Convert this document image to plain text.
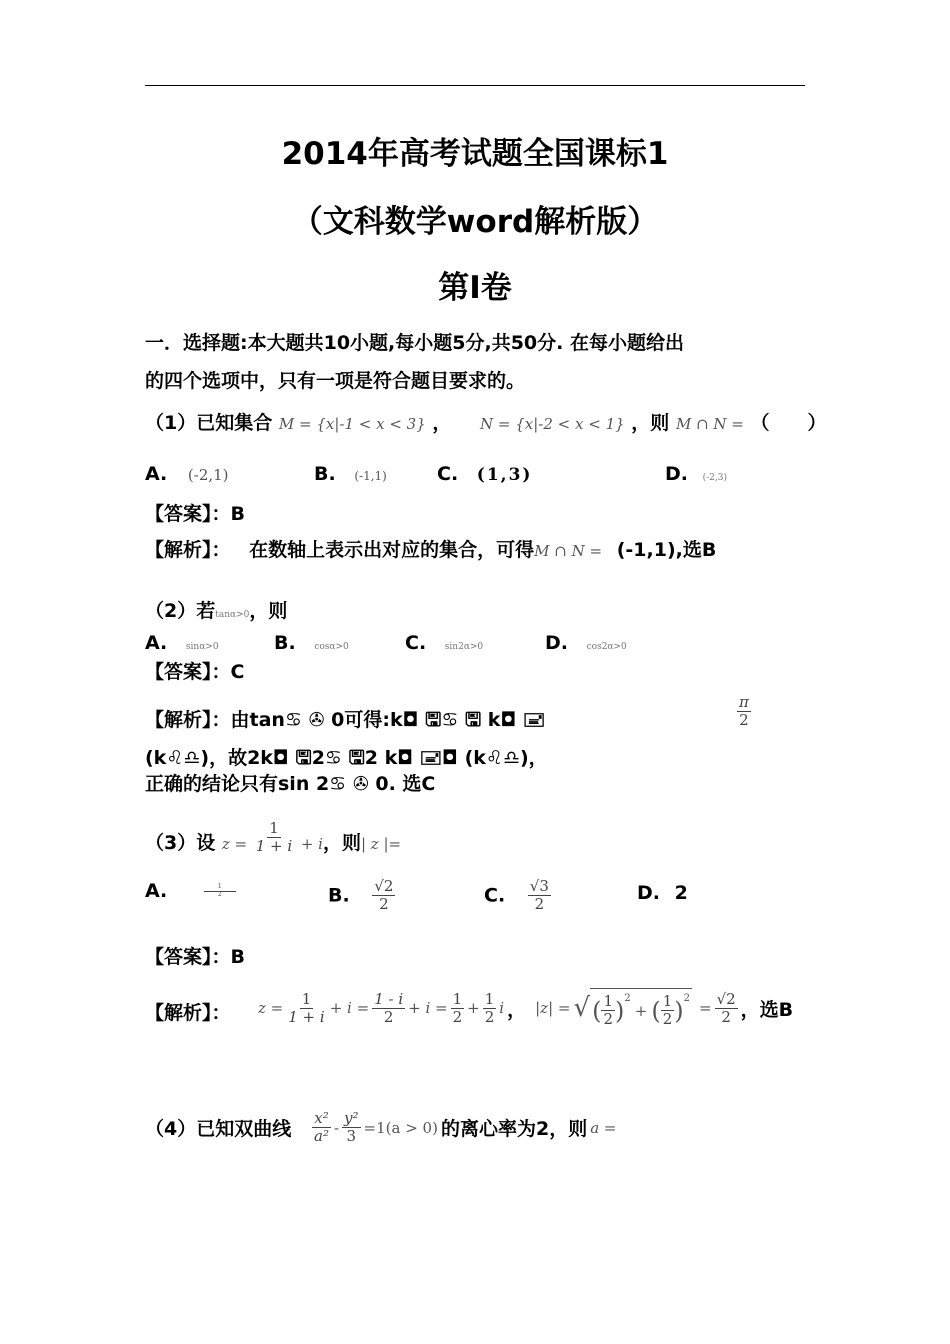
2014年高考试题全国课标1
（文科数学word解析版）
第Ⅰ卷
一．选择题:本大题共10小题,每小题5分,共50分. 在每小题给出
的四个选项中，只有一项是符合题目要求的。
（1）已知集合 M = {x|-1 < x < 3} ， N = {x|-2 < x < 1} ，则 M ∩ N = （　　）
A. (-2,1)	B. (-1,1)	C. (1,3)	D. (-2,3)
【答案】：B
【解析】： 在数轴上表示出对应的集合，可得M ∩ N = (-1,1),选B
（2）若tanα>0，则
A. sinα>0	B. cosα>0	C. sin2α>0	D. cos2α>0
【答案】：C
【解析】：由tan♋ ✇ 0可得:k◘ 🖫♋ 🖫 k◘ 🖃	$\frac{\pi}{2}$
(k♌♎)，故2k◘ 🖫2♋ 🖫2 k◘ 🖃◘ (k♌♎)，
正确的结论只有sin 2♋ ✇ 0. 选C
（3）设 $z = \frac{1}{1 + i} + i$，则| z |=
A.	$\frac{1}{2}$	B. $\frac{√2}{2}$	C. $\frac{√3}{2}$	D. 2
【答案】：B
【解析】： $z = \frac{1}{1 + i} + i = \frac{1 - i}{2} + i = \frac{1}{2} + \frac{1}{2}$ i ， |z| = √ ( $\frac{1}{2} )^2$
+ ( $\frac{1}{2} )^2$
= $\frac{√2}{2}$ ，选B
（4）已知双曲线 $\frac{\text{x²}}{\text{a²}} - \frac{\text{y²}}{3} =1(a > 0)$ 的离心率为2，则 a =
